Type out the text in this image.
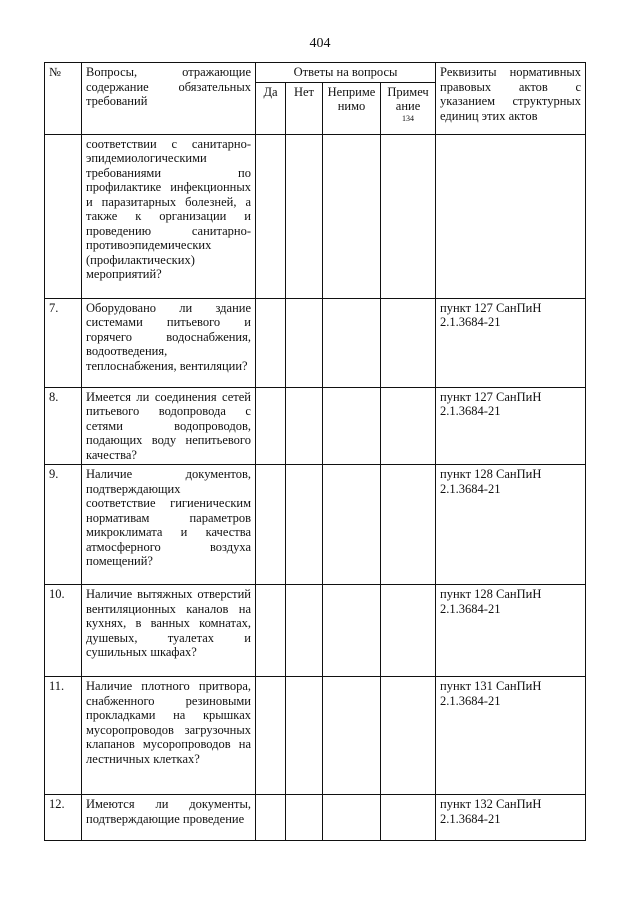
404
№	Вопросы, отражающие содержание обязательных требований	Ответы на вопросы				Реквизиты нормативных правовых актов с указанием структурных единиц этих актов
		Да	Нет	Неприменимо	Примечание
134	

	соответствии с санитарно-эпидемиологическими требованиями по профилактике инфекционных и паразитарных болезней, а также к организации и проведению санитарно-противоэпидемических (профилактических) мероприятий?					
7.	Оборудовано ли здание системами питьевого и горячего водоснабжения, водоотведения, теплоснабжения, вентиляции?					пункт 127 СанПиН 2.1.3684-21
8.	Имеется ли соединения сетей питьевого водопровода с сетями водопроводов, подающих воду непитьевого качества?					пункт 127 СанПиН 2.1.3684-21
9.	Наличие документов, подтверждающих соответствие гигиеническим нормативам параметров микроклимата и качества атмосферного воздуха помещений?					пункт 128 СанПиН 2.1.3684-21
10.	Наличие вытяжных отверстий вентиляционных каналов на кухнях, в ванных комнатах, душевых, туалетах и сушильных шкафах?					пункт 128 СанПиН 2.1.3684-21
11.	Наличие плотного притвора, снабженного резиновыми прокладками на крышках мусоропроводов загрузочных клапанов мусоропроводов на лестничных клетках?					пункт 131 СанПиН 2.1.3684-21
12.	Имеются ли документы, подтверждающие проведение					пункт 132 СанПиН 2.1.3684-21
